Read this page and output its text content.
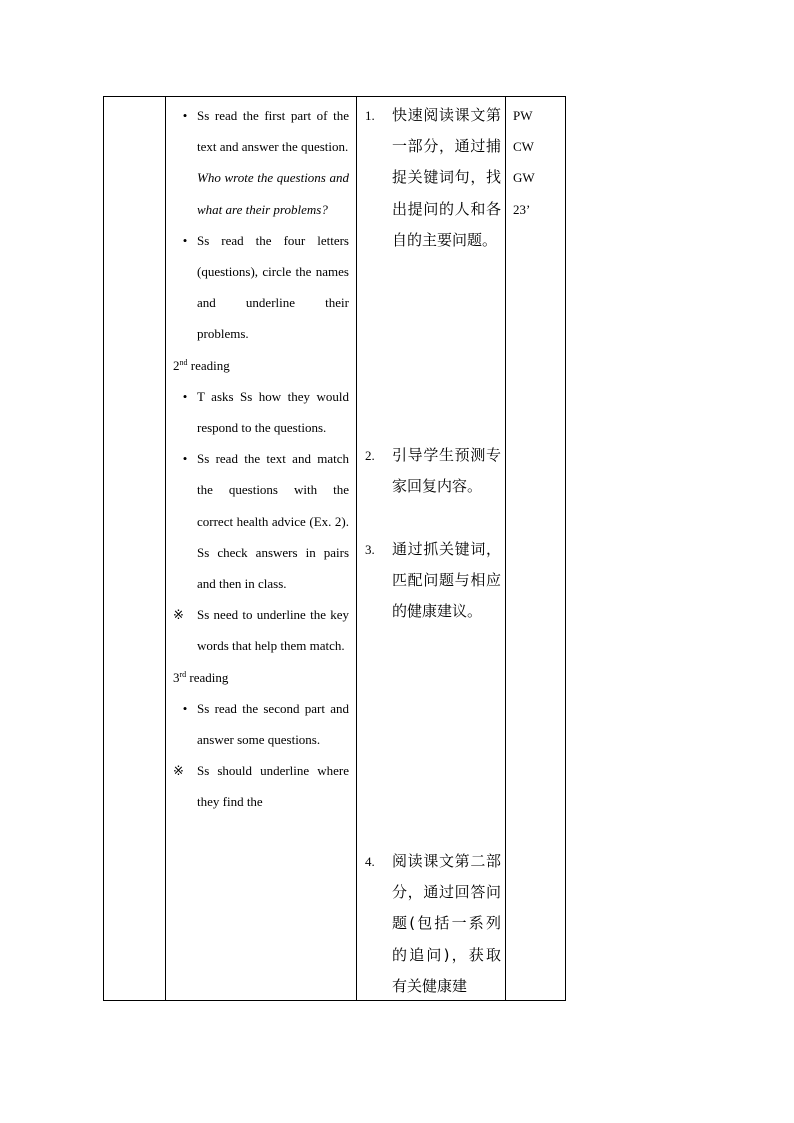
• Ss read the first part of the text and answer the question.
Who wrote the questions and what are their problems?
• Ss read the four letters (questions), circle the names and underline their problems.
2nd reading
• T asks Ss how they would respond to the questions.
• Ss read the text and match the questions with the correct health advice (Ex. 2). Ss check answers in pairs and then in class.
※	Ss need to underline the key words that help them match.
3rd reading
• Ss read the second part and answer some questions.
※	Ss should underline where they find the

1. 快速阅读课文第一部分，通过捕捉关键词句，找出提问的人和各自的主要问题。
2. 引导学生预测专家回复内容。
3. 通过抓关键词，匹配问题与相应的健康建议。
4. 阅读课文第二部分，通过回答问题(包括一系列的追问)，获取有关健康建

PW
CW
GW
23’
